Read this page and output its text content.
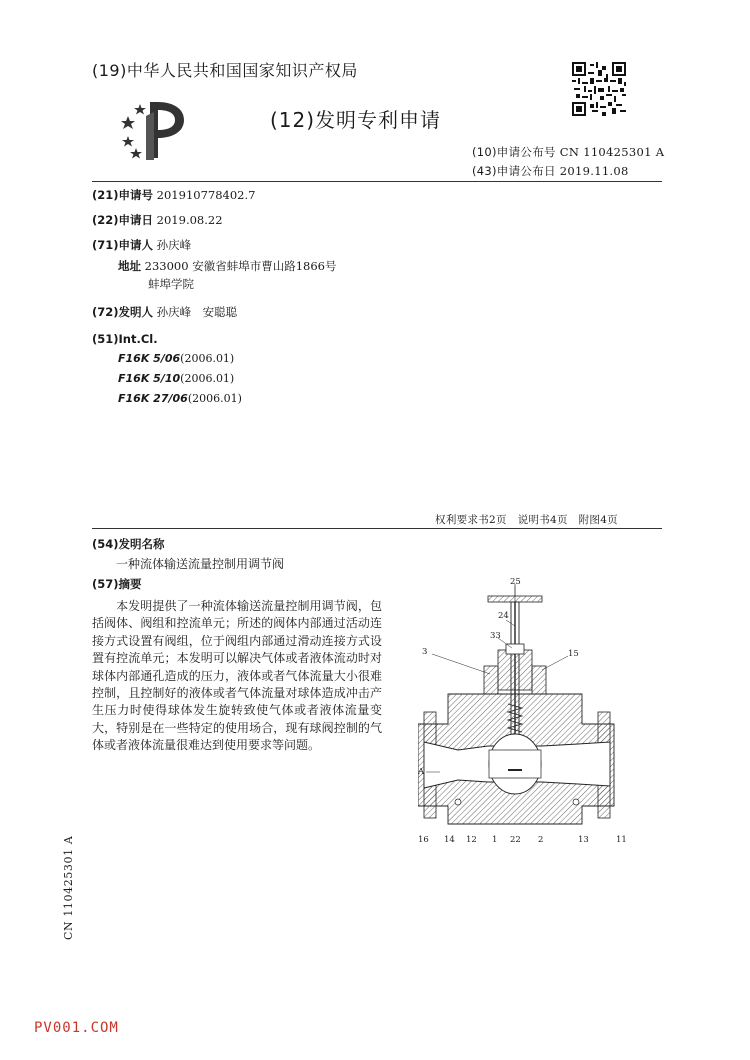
(19)中华人民共和国国家知识产权局
(12)发明专利申请
(10)申请公布号 CN 110425301 A
(43)申请公布日 2019.11.08
(21)申请号 201910778402.7
(22)申请日 2019.08.22
(71)申请人 孙庆峰
地址 233000 安徽省蚌埠市曹山路1866号
蚌埠学院
(72)发明人 孙庆峰　安聪聪
(51)Int.Cl.
F16K 5/06(2006.01)
F16K 5/10(2006.01)
F16K 27/06(2006.01)
权利要求书2页　说明书4页　附图4页
(54)发明名称
一种流体输送流量控制用调节阀
(57)摘要
本发明提供了一种流体输送流量控制用调节阀，包括阀体、阀组和控流单元；所述的阀体内部通过活动连接方式设置有阀组，位于阀组内部通过滑动连接方式设置有控流单元；本发明可以解决气体或者液体流动时对球体内部通孔造成的压力，液体或者气体流量大小很难控制，且控制好的液体或者气体流量对球体造成冲击产生压力时使得球体发生旋转致使气体或者液体流量变大，特别是在一些特定的使用场合，现有球阀控制的气体或者液体流量很难达到使用要求等问题。
25
24
33
3	15
A
16 14 12 1 22 2	13	11
CN 110425301 A
PV001.COM
